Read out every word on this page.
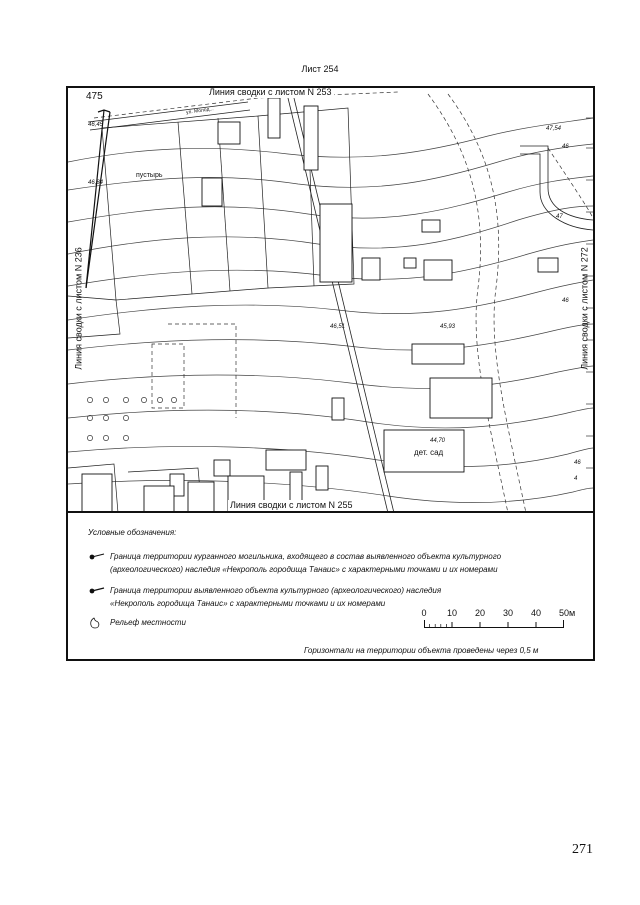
Лист 254
475
ул. Молод...
пустырь
дет. сад
47,54
46,45
46,84
46,51	45,93
44,70
46
46
47
46
4
Линия сводки с листом N 253
Линия сводки с листом N 255
Линия сводки с листом N 236	Линия сводки с листом N 272
Условные обозначения:
Граница территории курганного могильника, входящего в состав выявленного объекта культурного
(археологического) наследия «Некрополь городища Танаис» с характерными точками и их номерами
Граница территории выявленного объекта культурного (археологического) наследия
«Некрополь городища Танаис» с характерными точками и их номерами
Рельеф местности
0 10 20 30 40 50 м
Горизонтали на территории объекта проведены через 0,5 м
271
